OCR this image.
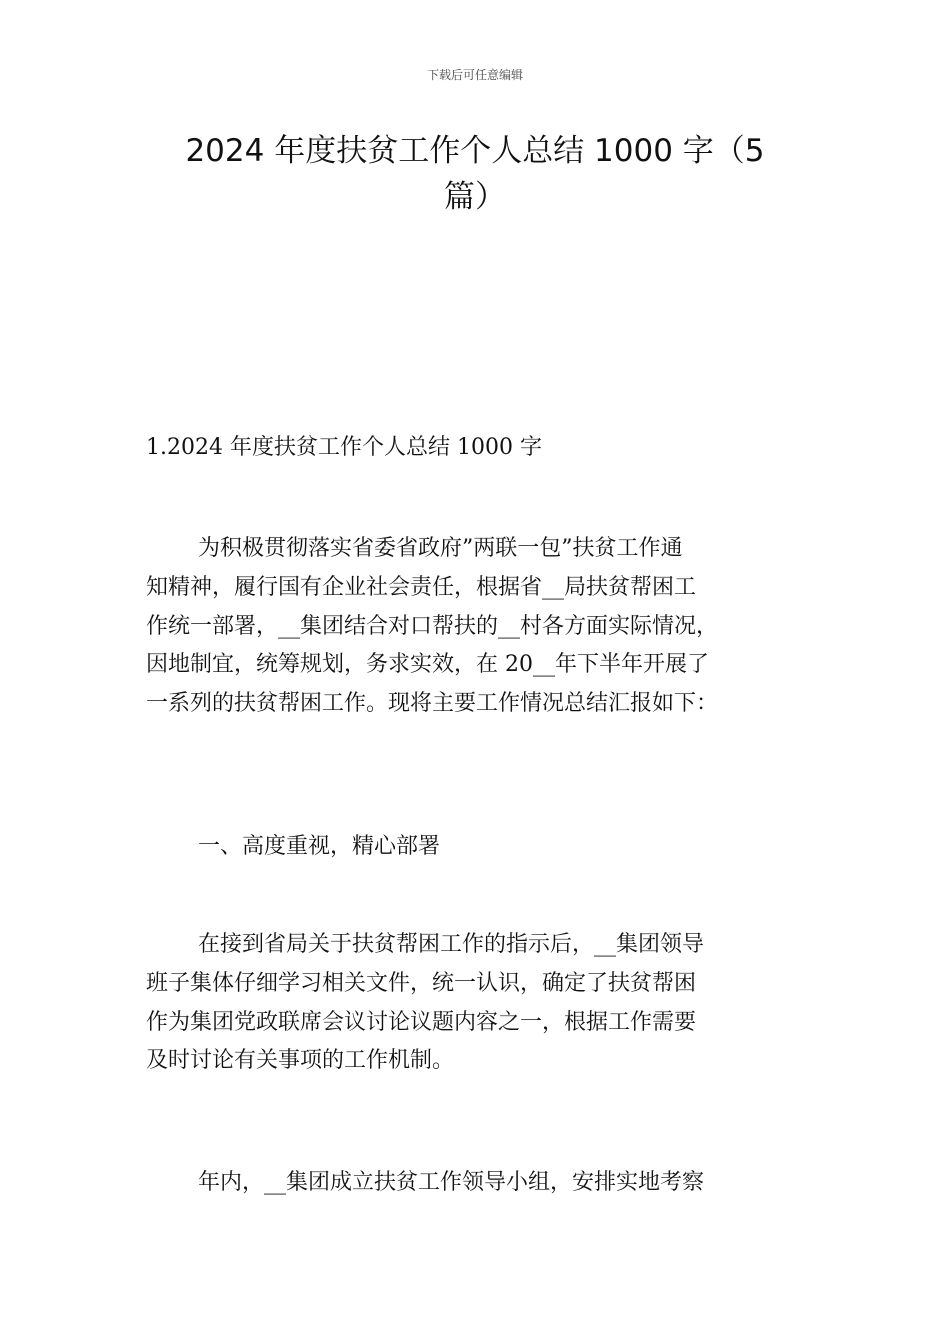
下载后可任意编辑
2024 年度扶贫工作个人总结 1000 字（5
篇）
1.2024 年度扶贫工作个人总结 1000 字
为积极贯彻落实省委省政府”两联一包”扶贫工作通
知精神，履行国有企业社会责任，根据省__局扶贫帮困工
作统一部署，__集团结合对口帮扶的__村各方面实际情况，
因地制宜，统筹规划，务求实效，在 20__年下半年开展了
一系列的扶贫帮困工作。现将主要工作情况总结汇报如下：
一、高度重视，精心部署
在接到省局关于扶贫帮困工作的指示后，__集团领导
班子集体仔细学习相关文件，统一认识，确定了扶贫帮困
作为集团党政联席会议讨论议题内容之一，根据工作需要
及时讨论有关事项的工作机制。
年内，__集团成立扶贫工作领导小组，安排实地考察
